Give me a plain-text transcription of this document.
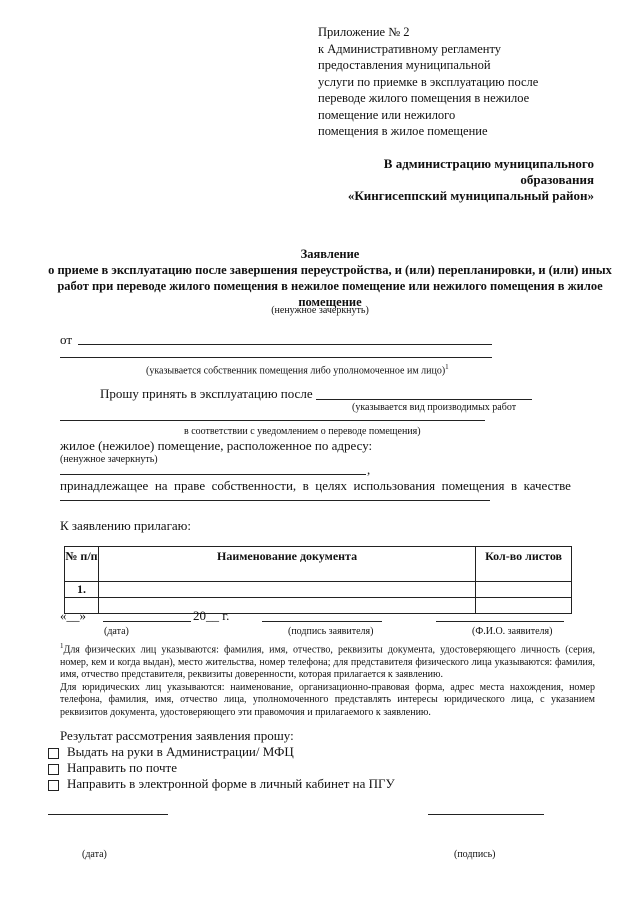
Приложение № 2
к Административному регламенту
предоставления муниципальной
услуги по приемке в эксплуатацию после
переводе жилого помещения в нежилое
помещение или нежилого
помещения в жилое помещение
В администрацию муниципального
образования
«Кингисеппский муниципальный район»
Заявление
о приеме в эксплуатацию после завершения переустройства, и (или) перепланировки, и (или) иных работ при переводе жилого помещения в нежилое помещение или нежилого помещения в жилое помещение
(ненужное зачеркнуть)
от
(указывается собственник помещения либо уполномоченное им лицо)$^1$
Прошу принять в эксплуатацию после
(указывается вид производимых работ
в соответствии с уведомлением о переводе помещения)
жилое (нежилое) помещение, расположенное по адресу:
(ненужное зачеркнуть)
,
принадлежащее  на  праве  собственности,  в  целях  использования  помещения  в  качестве
К заявлению прилагаю:
№ п/п	Наименование документа	Кол-во листов
1.		

«__»	20__ г.
(дата)	(подпись заявителя)	(Ф.И.О. заявителя)
$^1$Для физических лиц указываются: фамилия, имя, отчество, реквизиты документа, удостоверяющего личность (серия, номер, кем и когда выдан), место жительства, номер телефона; для представителя физического лица указываются: фамилия, имя, отчество представителя, реквизиты доверенности, которая прилагается к заявлению.
Для юридических лиц указываются: наименование, организационно-правовая форма, адрес места нахождения, номер телефона, фамилия, имя, отчество лица, уполномоченного представлять интересы юридического лица, с указанием реквизитов документа, удостоверяющего эти правомочия и прилагаемого к заявлению.
Результат рассмотрения заявления прошу:
Выдать на руки в Администрации/ МФЦ
Направить по почте
Направить в электронной форме в личный кабинет на ПГУ
(дата)	(подпись)
